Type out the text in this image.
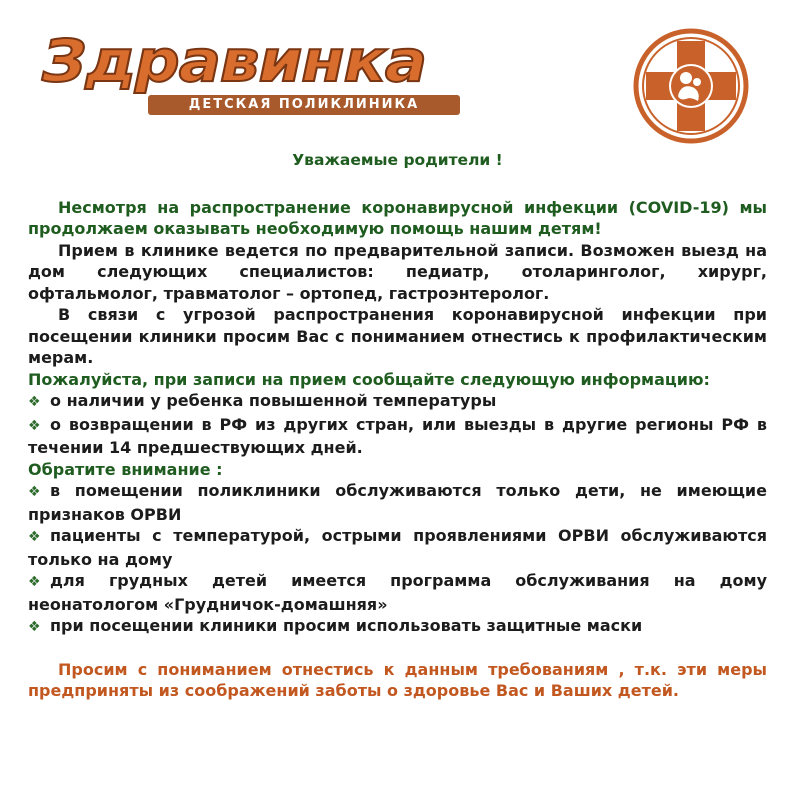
Здравинка
ДЕТСКАЯ ПОЛИКЛИНИКА
Уважаемые родители !

Несмотря на распространение коронавирусной инфекции (COVID-19) мы продолжаем оказывать необходимую помощь нашим детям!

Прием в клинике ведется по предварительной записи. Возможен выезд на дом следующих специалистов: педиатр, отоларинголог, хирург, офтальмолог, травматолог – ортопед, гастроэнтеролог.

В связи с угрозой распространения коронавирусной инфекции при посещении клиники просим Вас с пониманием отнестись к профилактическим мерам.

Пожалуйста, при записи на прием сообщайте следующую информацию:

❖ о наличии у ребенка повышенной температуры

❖ о возвращении в РФ из других стран, или выезды в другие регионы РФ в течении 14 предшествующих дней.

Обратите внимание :

❖ в помещении поликлиники обслуживаются только дети, не имеющие признаков ОРВИ

❖ пациенты с температурой, острыми проявлениями ОРВИ обслуживаются только на дому

❖ для грудных детей имеется программа обслуживания на дому неонатологом «Грудничок-домашняя»

❖ при посещении клиники просим использовать защитные маски

Просим с пониманием отнестись к данным требованиям , т.к. эти меры предприняты из соображений заботы о здоровье Вас и Ваших детей.
